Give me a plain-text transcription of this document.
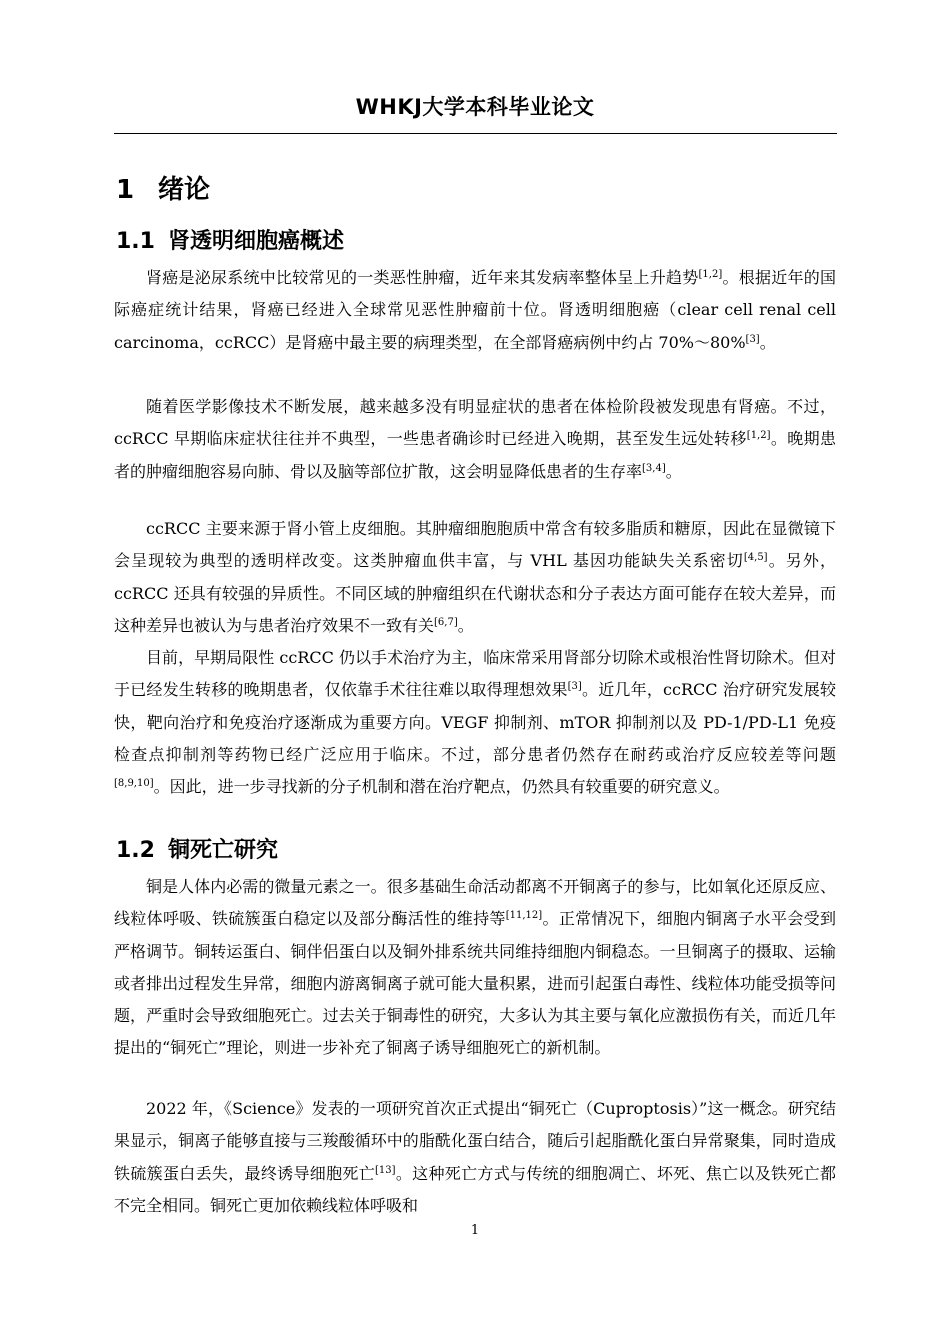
WHKJ大学本科毕业论文
1 绪论
1.1 肾透明细胞癌概述

肾癌是泌尿系统中比较常见的一类恶性肿瘤，近年来其发病率整体呈上升趋势[1,2]。根据近年的国际癌症统计结果，肾癌已经进入全球常见恶性肿瘤前十位。肾透明细胞癌（clear cell renal cell carcinoma，ccRCC）是肾癌中最主要的病理类型，在全部肾癌病例中约占 70%～80%[3]。

随着医学影像技术不断发展，越来越多没有明显症状的患者在体检阶段被发现患有肾癌。不过，ccRCC 早期临床症状往往并不典型，一些患者确诊时已经进入晚期，甚至发生远处转移[1,2]。晚期患者的肿瘤细胞容易向肺、骨以及脑等部位扩散，这会明显降低患者的生存率[3,4]。

ccRCC 主要来源于肾小管上皮细胞。其肿瘤细胞胞质中常含有较多脂质和糖原，因此在显微镜下会呈现较为典型的透明样改变。这类肿瘤血供丰富，与 VHL 基因功能缺失关系密切[4,5]。另外，ccRCC 还具有较强的异质性。不同区域的肿瘤组织在代谢状态和分子表达方面可能存在较大差异，而这种差异也被认为与患者治疗效果不一致有关[6,7]。

目前，早期局限性 ccRCC 仍以手术治疗为主，临床常采用肾部分切除术或根治性肾切除术。但对于已经发生转移的晚期患者，仅依靠手术往往难以取得理想效果[3]。近几年，ccRCC 治疗研究发展较快，靶向治疗和免疫治疗逐渐成为重要方向。VEGF 抑制剂、mTOR 抑制剂以及 PD-1/PD-L1 免疫检查点抑制剂等药物已经广泛应用于临床。不过，部分患者仍然存在耐药或治疗反应较差等问题[8,9,10]。因此，进一步寻找新的分子机制和潜在治疗靶点，仍然具有较重要的研究意义。

1.2 铜死亡研究

铜是人体内必需的微量元素之一。很多基础生命活动都离不开铜离子的参与，比如氧化还原反应、线粒体呼吸、铁硫簇蛋白稳定以及部分酶活性的维持等[11,12]。正常情况下，细胞内铜离子水平会受到严格调节。铜转运蛋白、铜伴侣蛋白以及铜外排系统共同维持细胞内铜稳态。一旦铜离子的摄取、运输或者排出过程发生异常，细胞内游离铜离子就可能大量积累，进而引起蛋白毒性、线粒体功能受损等问题，严重时会导致细胞死亡。过去关于铜毒性的研究，大多认为其主要与氧化应激损伤有关，而近几年提出的“铜死亡”理论，则进一步补充了铜离子诱导细胞死亡的新机制。

2022 年，《Science》发表的一项研究首次正式提出“铜死亡（Cuproptosis）”这一概念。研究结果显示，铜离子能够直接与三羧酸循环中的脂酰化蛋白结合，随后引起脂酰化蛋白异常聚集，同时造成铁硫簇蛋白丢失，最终诱导细胞死亡[13]。这种死亡方式与传统的细胞凋亡、坏死、焦亡以及铁死亡都不完全相同。铜死亡更加依赖线粒体呼吸和

1
